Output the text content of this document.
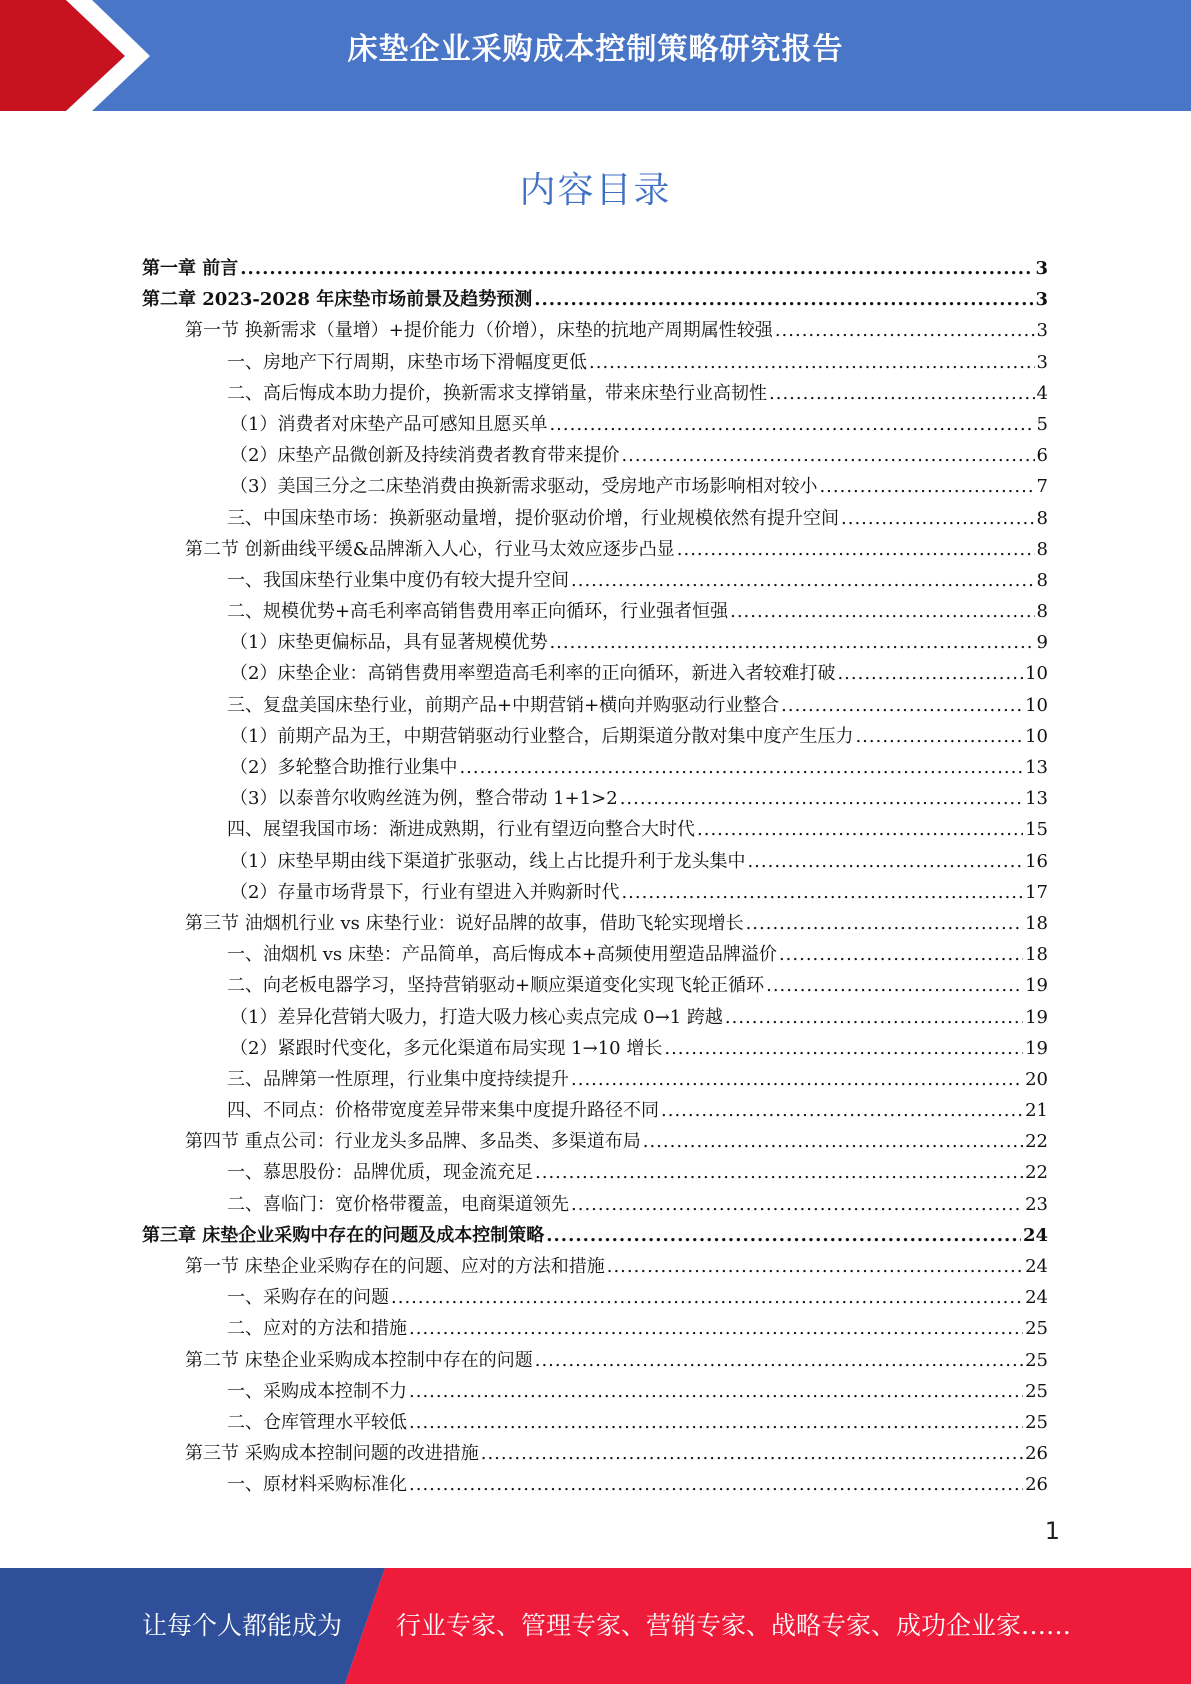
床垫企业采购成本控制策略研究报告
内容目录
第一章 前言 .....	3
第二章 2023-2028 年床垫市场前景及趋势预测 .....	3
第一节 换新需求（量增）+提价能力（价增），床垫的抗地产周期属性较强 .....	3
一、房地产下行周期，床垫市场下滑幅度更低 .....	3
二、高后悔成本助力提价，换新需求支撑销量，带来床垫行业高韧性 .....	4
（1）消费者对床垫产品可感知且愿买单 .....	5
（2）床垫产品微创新及持续消费者教育带来提价 .....	6
（3）美国三分之二床垫消费由换新需求驱动，受房地产市场影响相对较小 .....	7
三、中国床垫市场：换新驱动量增，提价驱动价增，行业规模依然有提升空间 .....	8
第二节 创新曲线平缓&品牌渐入人心，行业马太效应逐步凸显 .....	8
一、我国床垫行业集中度仍有较大提升空间 .....	8
二、规模优势+高毛利率高销售费用率正向循环，行业强者恒强 .....	8
（1）床垫更偏标品，具有显著规模优势 .....	9
（2）床垫企业：高销售费用率塑造高毛利率的正向循环，新进入者较难打破 .....	10
三、复盘美国床垫行业，前期产品+中期营销+横向并购驱动行业整合 .....	10
（1）前期产品为王，中期营销驱动行业整合，后期渠道分散对集中度产生压力 .....	10
（2）多轮整合助推行业集中 .....	13
（3）以泰普尔收购丝涟为例，整合带动 1+1>2 .....	13
四、展望我国市场：渐进成熟期，行业有望迈向整合大时代 .....	15
（1）床垫早期由线下渠道扩张驱动，线上占比提升利于龙头集中 .....	16
（2）存量市场背景下，行业有望进入并购新时代 .....	17
第三节 油烟机行业 vs 床垫行业：说好品牌的故事，借助飞轮实现增长 .....	18
一、油烟机 vs 床垫：产品简单，高后悔成本+高频使用塑造品牌溢价 .....	18
二、向老板电器学习，坚持营销驱动+顺应渠道变化实现飞轮正循环 .....	19
（1）差异化营销大吸力，打造大吸力核心卖点完成 0→1 跨越 .....	19
（2）紧跟时代变化，多元化渠道布局实现 1→10 增长 .....	19
三、品牌第一性原理，行业集中度持续提升 .....	20
四、不同点：价格带宽度差异带来集中度提升路径不同 .....	21
第四节 重点公司：行业龙头多品牌、多品类、多渠道布局 .....	22
一、慕思股份：品牌优质，现金流充足 .....	22
二、喜临门：宽价格带覆盖，电商渠道领先 .....	23
第三章 床垫企业采购中存在的问题及成本控制策略 .....	24
第一节 床垫企业采购存在的问题、应对的方法和措施 .....	24
一、采购存在的问题 .....	24
二、应对的方法和措施 .....	25
第二节 床垫企业采购成本控制中存在的问题 .....	25
一、采购成本控制不力 .....	25
二、仓库管理水平较低 .....	25
第三节 采购成本控制问题的改进措施 .....	26
一、原材料采购标准化 .....	26
1
让每个人都能成为 行业专家、管理专家、营销专家、战略专家、成功企业家……
